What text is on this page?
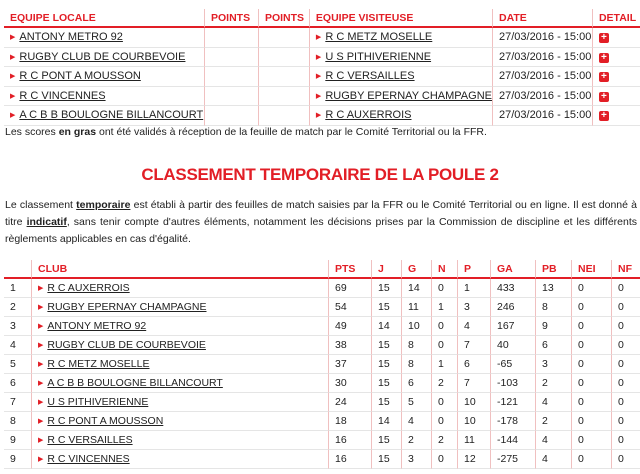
EQUIPE LOCALE	POINTS	POINTS	EQUIPE VISITEUSE	DATE	DETAIL
▶ ANTONY METRO 92			▶ R C METZ MOSELLE	27/03/2016 - 15:00	+
▶ RUGBY CLUB DE COURBEVOIE			▶ U S PITHIVERIENNE	27/03/2016 - 15:00	+
▶ R C PONT A MOUSSON			▶ R C VERSAILLES	27/03/2016 - 15:00	+
▶ R C VINCENNES			▶ RUGBY EPERNAY CHAMPAGNE	27/03/2016 - 15:00	+
▶ A C B B BOULOGNE BILLANCOURT			▶ R C AUXERROIS	27/03/2016 - 15:00	+
Les scores en gras ont été validés à réception de la feuille de match par le Comité Territorial ou la FFR.
CLASSEMENT TEMPORAIRE DE LA POULE 2
Le classement temporaire est établi à partir des feuilles de match saisies par la FFR ou le Comité Territorial ou en ligne. Il est donné à titre indicatif, sans tenir compte d'autres éléments, notamment les décisions prises par la Commission de discipline et les différents règlements applicables en cas d'égalité.
	CLUB	PTS	J	G	N	P	GA	PB	NEI	NF
1	▶ R C AUXERROIS	69	15	14	0	1	433	13	0	0
2	▶ RUGBY EPERNAY CHAMPAGNE	54	15	11	1	3	246	8	0	0
3	▶ ANTONY METRO 92	49	14	10	0	4	167	9	0	0
4	▶ RUGBY CLUB DE COURBEVOIE	38	15	8	0	7	40	6	0	0
5	▶ R C METZ MOSELLE	37	15	8	1	6	-65	3	0	0
6	▶ A C B B BOULOGNE BILLANCOURT	30	15	6	2	7	-103	2	0	0
7	▶ U S PITHIVERIENNE	24	15	5	0	10	-121	4	0	0
8	▶ R C PONT A MOUSSON	18	14	4	0	10	-178	2	0	0
9	▶ R C VERSAILLES	16	15	2	2	11	-144	4	0	0
9	▶ R C VINCENNES	16	15	3	0	12	-275	4	0	0
